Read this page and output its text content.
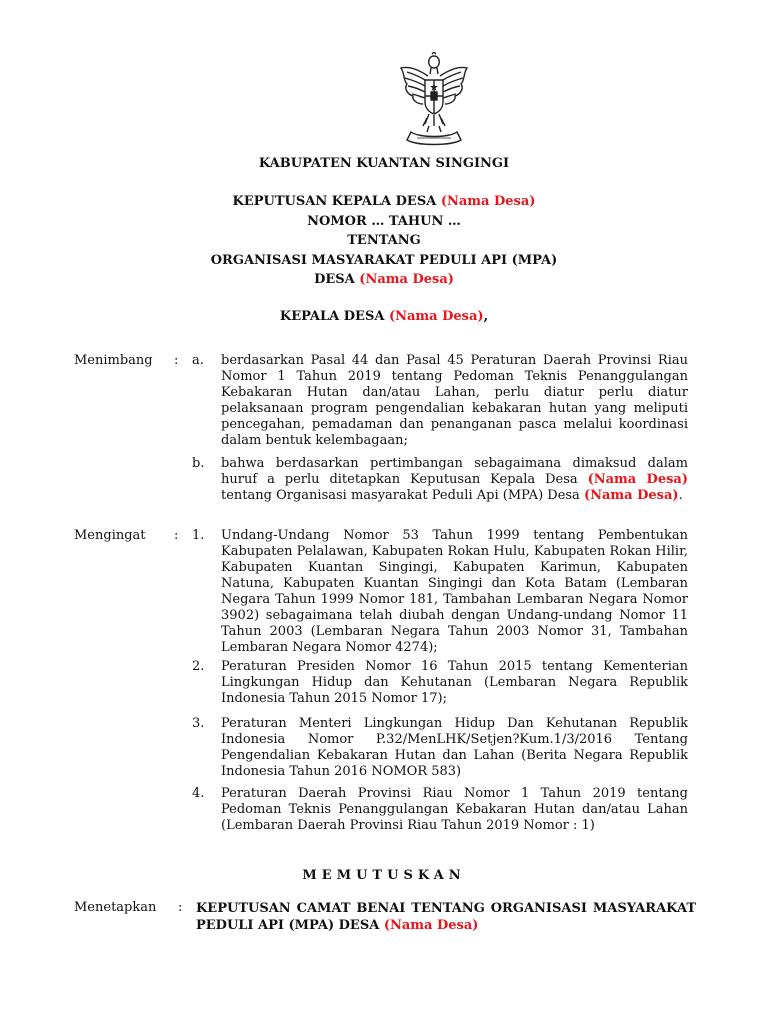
KABUPATEN KUANTAN SINGINGI
KEPUTUSAN KEPALA DESA (Nama Desa)
NOMOR … TAHUN …
TENTANG
ORGANISASI MASYARAKAT PEDULI API (MPA)
DESA (Nama Desa)
KEPALA DESA (Nama Desa),
Menimbang : a. berdasarkan Pasal 44 dan Pasal 45 Peraturan Daerah Provinsi Riau Nomor 1 Tahun 2019 tentang Pedoman Teknis Penanggulangan Kebakaran Hutan dan/atau Lahan, perlu diatur perlu diatur pelaksanaan program pengendalian kebakaran hutan yang meliputi pencegahan, pemadaman dan penanganan pasca melalui koordinasi dalam bentuk kelembagaan;
b. bahwa berdasarkan pertimbangan sebagaimana dimaksud dalam huruf a perlu ditetapkan Keputusan Kepala Desa (Nama Desa) tentang Organisasi masyarakat Peduli Api (MPA) Desa (Nama Desa).
Mengingat : 1. Undang-Undang Nomor 53 Tahun 1999 tentang Pembentukan Kabupaten Pelalawan, Kabupaten Rokan Hulu, Kabupaten Rokan Hilir, Kabupaten Kuantan Singingi, Kabupaten Karimun, Kabupaten Natuna, Kabupaten Kuantan Singingi dan Kota Batam (Lembaran Negara Tahun 1999 Nomor 181, Tambahan Lembaran Negara Nomor 3902) sebagaimana telah diubah dengan Undang-undang Nomor 11 Tahun 2003 (Lembaran Negara Tahun 2003 Nomor 31, Tambahan Lembaran Negara Nomor 4274);
2. Peraturan Presiden Nomor 16 Tahun 2015 tentang Kementerian Lingkungan Hidup dan Kehutanan (Lembaran Negara Republik Indonesia Tahun 2015 Nomor 17);
3. Peraturan Menteri Lingkungan Hidup Dan Kehutanan Republik Indonesia Nomor P.32/MenLHK/Setjen?Kum.1/3/2016 Tentang Pengendalian Kebakaran Hutan dan Lahan (Berita Negara Republik Indonesia Tahun 2016 NOMOR 583)
4. Peraturan Daerah Provinsi Riau Nomor 1 Tahun 2019 tentang Pedoman Teknis Penanggulangan Kebakaran Hutan dan/atau Lahan (Lembaran Daerah Provinsi Riau Tahun 2019 Nomor : 1)
MEMUTUSKAN
Menetapkan : KEPUTUSAN CAMAT BENAI TENTANG ORGANISASI MASYARAKAT PEDULI API (MPA) DESA (Nama Desa)
